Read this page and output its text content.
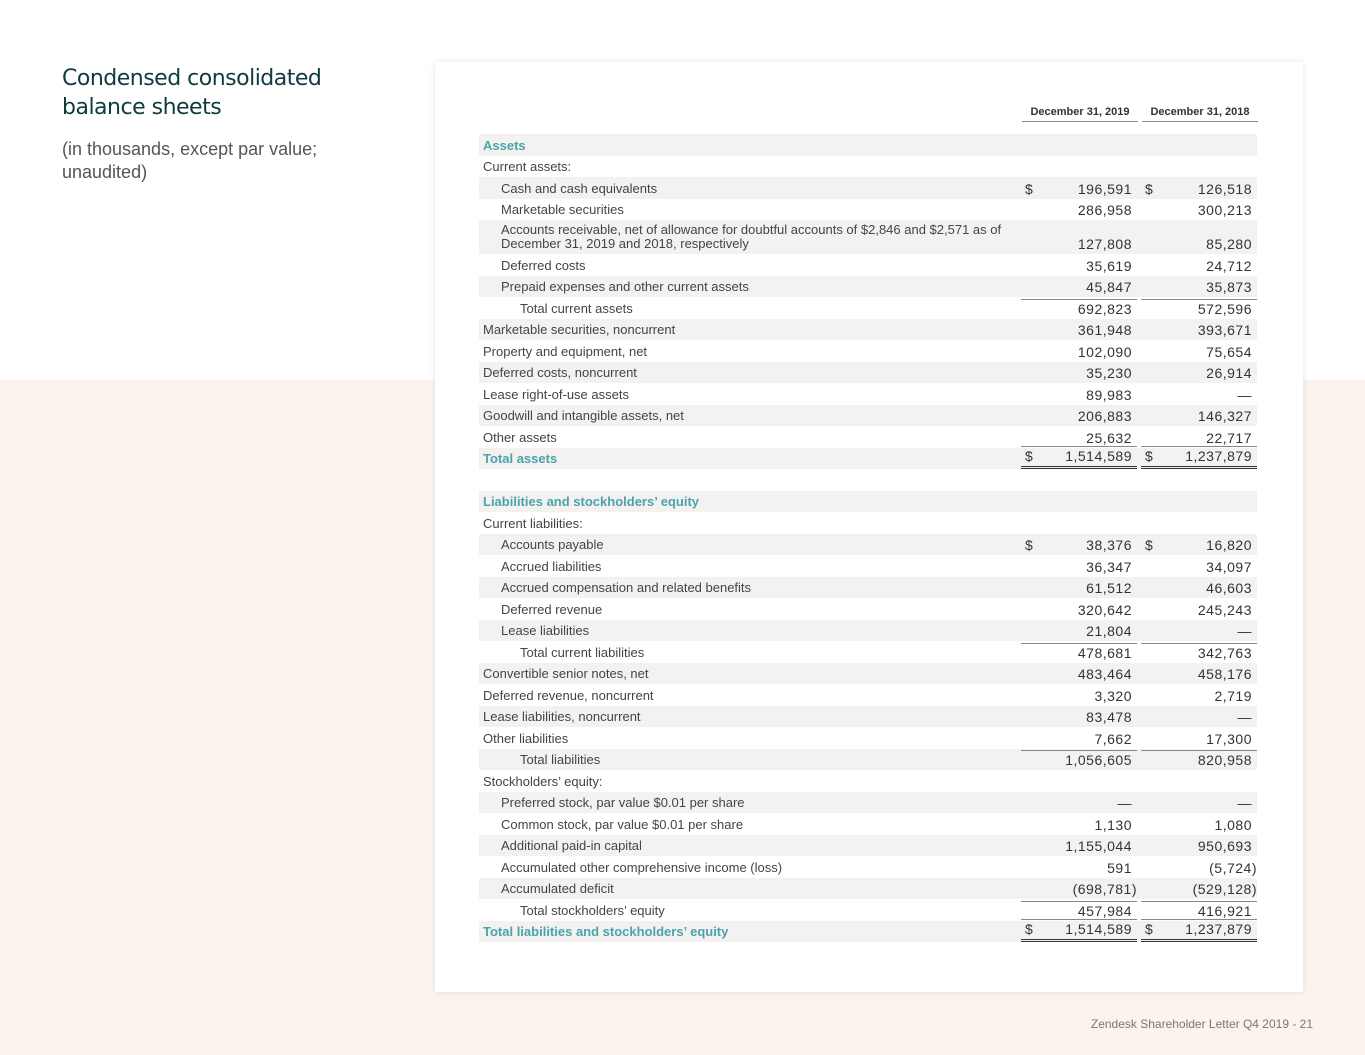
Condensed consolidated balance sheets
(in thousands, except par value; unaudited)
December 31, 2019	December 31, 2018
Assets
Current assets:
Cash and cash equivalents	$	196,591 $	126,518
Marketable securities	286,958	300,213
Accounts receivable, net of allowance for doubtful accounts of $2,846 and $2,571 as of December 31, 2019 and 2018, respectively	127,808	85,280
Deferred costs	35,619	24,712
Prepaid expenses and other current assets	45,847	35,873
Total current assets	692,823	572,596
Marketable securities, noncurrent	361,948	393,671
Property and equipment, net	102,090	75,654
Deferred costs, noncurrent	35,230	26,914
Lease right-of-use assets	89,983	—
Goodwill and intangible assets, net	206,883	146,327
Other assets	25,632	22,717
Total assets	$ 1,514,589 $ 1,237,879
Liabilities and stockholders’ equity
Current liabilities:
Accounts payable	$	38,376 $	16,820
Accrued liabilities	36,347	34,097
Accrued compensation and related benefits	61,512	46,603
Deferred revenue	320,642	245,243
Lease liabilities	21,804	—
Total current liabilities	478,681	342,763
Convertible senior notes, net	483,464	458,176
Deferred revenue, noncurrent	3,320	2,719
Lease liabilities, noncurrent	83,478	—
Other liabilities	7,662	17,300
Total liabilities	1,056,605	820,958
Stockholders’ equity:
Preferred stock, par value $0.01 per share	—	—
Common stock, par value $0.01 per share	1,130	1,080
Additional paid-in capital	1,155,044	950,693
Accumulated other comprehensive income (loss)	591	(5,724)
Accumulated deficit	(698,781)	(529,128)
Total stockholders’ equity	457,984	416,921
Total liabilities and stockholders’ equity	$ 1,514,589 $ 1,237,879
Zendesk Shareholder Letter Q4 2019 - 21
